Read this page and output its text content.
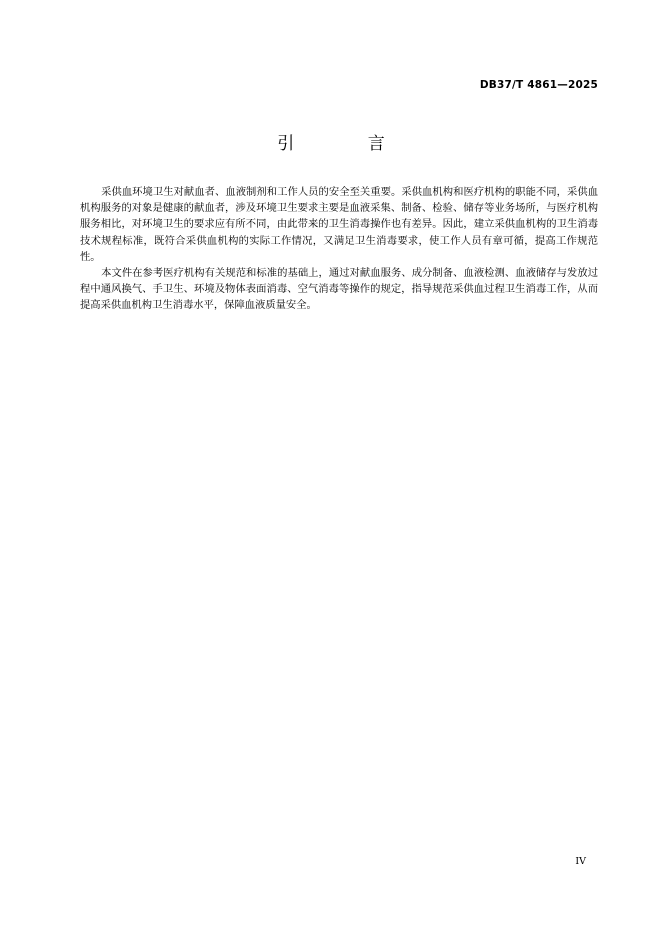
DB37/T 4861—2025
引 言

采供血环境卫生对献血者、血液制剂和工作人员的安全至关重要。采供血机构和医疗机构的职能不同，采供血机构服务的对象是健康的献血者，涉及环境卫生要求主要是血液采集、制备、检验、储存等业务场所，与医疗机构服务相比，对环境卫生的要求应有所不同，由此带来的卫生消毒操作也有差异。因此，建立采供血机构的卫生消毒技术规程标准，既符合采供血机构的实际工作情况，又满足卫生消毒要求，使工作人员有章可循，提高工作规范性。

本文件在参考医疗机构有关规范和标准的基础上，通过对献血服务、成分制备、血液检测、血液储存与发放过程中通风换气、手卫生、环境及物体表面消毒、空气消毒等操作的规定，指导规范采供血过程卫生消毒工作，从而提高采供血机构卫生消毒水平，保障血液质量安全。

IV
